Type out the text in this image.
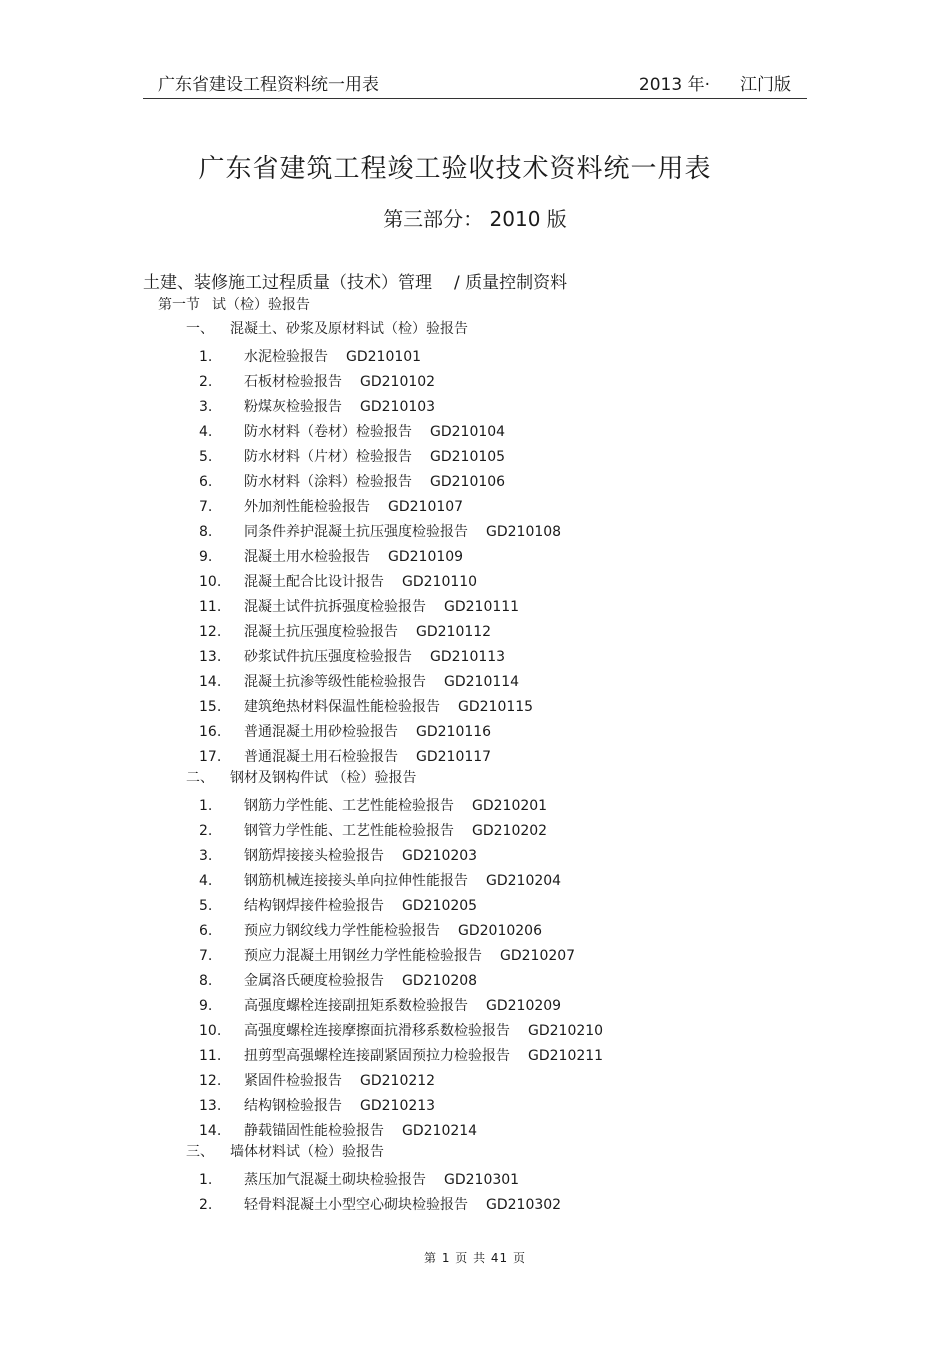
广东省建设工程资料统一用表	2013 年· 江门版
广东省建筑工程竣工验收技术资料统一用表
第三部分： 2010 版
土建、装修施工过程质量（技术）管理 / 质量控制资料
第一节 试（检）验报告
一、 混凝土、砂浆及原材料试（检）验报告
1. 水泥检验报告 GD210101
2. 石板材检验报告 GD210102
3. 粉煤灰检验报告 GD210103
4. 防水材料（卷材）检验报告 GD210104
5. 防水材料（片材）检验报告 GD210105
6. 防水材料（涂料）检验报告 GD210106
7. 外加剂性能检验报告 GD210107
8. 同条件养护混凝土抗压强度检验报告 GD210108
9. 混凝土用水检验报告 GD210109
10. 混凝土配合比设计报告 GD210110
11. 混凝土试件抗拆强度检验报告 GD210111
12. 混凝土抗压强度检验报告 GD210112
13. 砂浆试件抗压强度检验报告 GD210113
14. 混凝土抗渗等级性能检验报告 GD210114
15. 建筑绝热材料保温性能检验报告 GD210115
16. 普通混凝土用砂检验报告 GD210116
17. 普通混凝土用石检验报告 GD210117
二、 钢材及钢构件试 （检）验报告
1. 钢筋力学性能、工艺性能检验报告 GD210201
2. 钢管力学性能、工艺性能检验报告 GD210202
3. 钢筋焊接接头检验报告 GD210203
4. 钢筋机械连接接头单向拉伸性能报告 GD210204
5. 结构钢焊接件检验报告 GD210205
6. 预应力钢纹线力学性能检验报告 GD2010206
7. 预应力混凝土用钢丝力学性能检验报告 GD210207
8. 金属洛氏硬度检验报告 GD210208
9. 高强度螺栓连接副扭矩系数检验报告 GD210209
10. 高强度螺栓连接摩擦面抗滑移系数检验报告 GD210210
11. 扭剪型高强螺栓连接副紧固预拉力检验报告 GD210211
12. 紧固件检验报告 GD210212
13. 结构钢检验报告 GD210213
14. 静载锚固性能检验报告 GD210214
三、 墙体材料试（检）验报告
1. 蒸压加气混凝土砌块检验报告 GD210301
2. 轻骨料混凝土小型空心砌块检验报告 GD210302
第 1 页 共 41 页
